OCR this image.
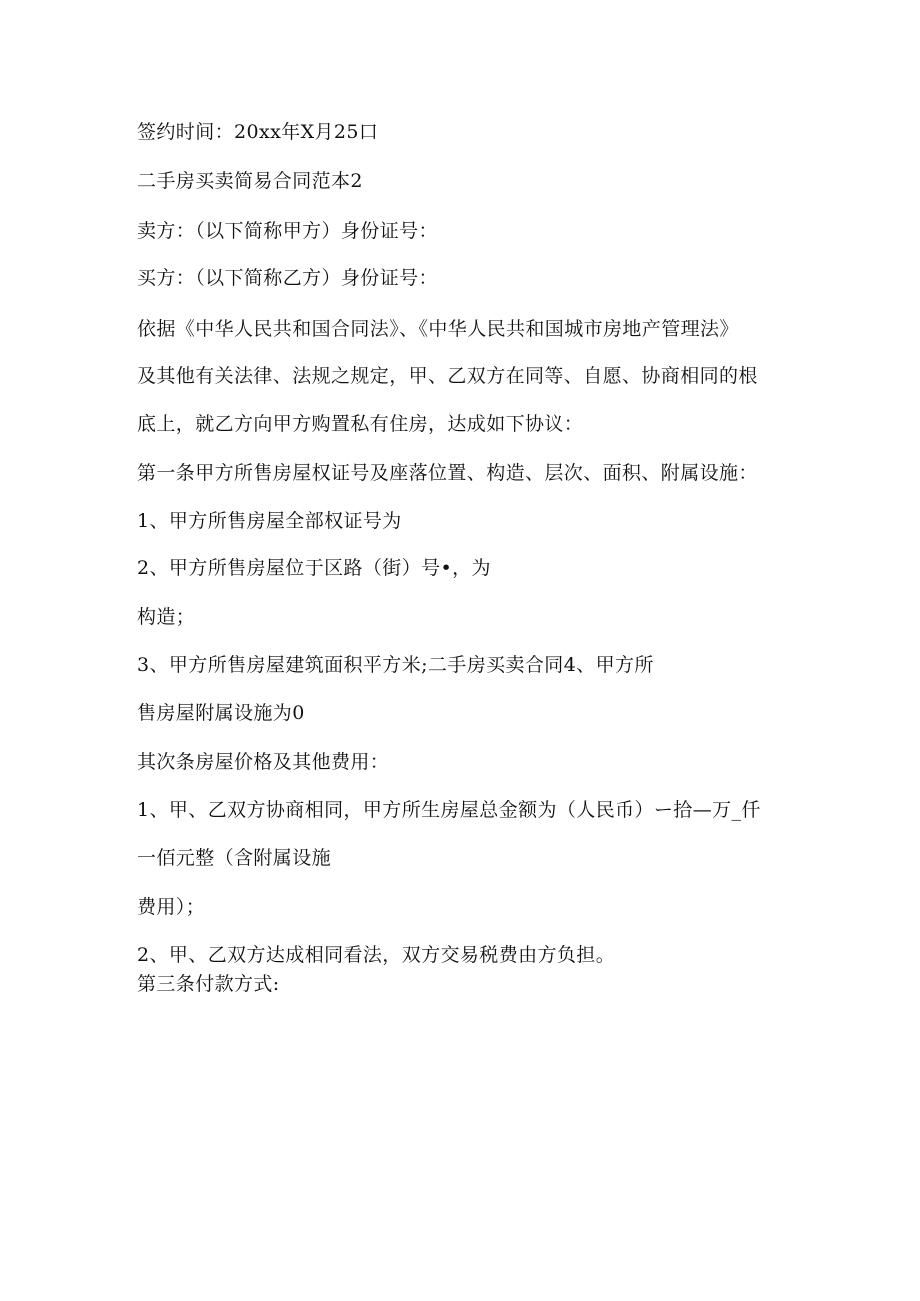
签约时间：20xx年X月25口

二手房买卖简易合同范本2

卖方：（以下简称甲方）身份证号：

买方：（以下简称乙方）身份证号：

依据《中华人民共和国合同法》、《中华人民共和国城市房地产管理法》

及其他有关法律、法规之规定，甲、乙双方在同等、自愿、协商相同的根

底上，就乙方向甲方购置私有住房，达成如下协议：

第一条甲方所售房屋权证号及座落位置、构造、层次、面积、附属设施：

1、甲方所售房屋全部权证号为

2、甲方所售房屋位于区路（街）号•，为

构造；

3、甲方所售房屋建筑面积平方米;二手房买卖合同4、甲方所

售房屋附属设施为0

其次条房屋价格及其他费用：

1、甲、乙双方协商相同，甲方所生房屋总金额为（人民币）ー拾—万_仟

一佰元整（含附属设施

费用）；

2、甲、乙双方达成相同看法，双方交易税费由方负担。

第三条付款方式:
